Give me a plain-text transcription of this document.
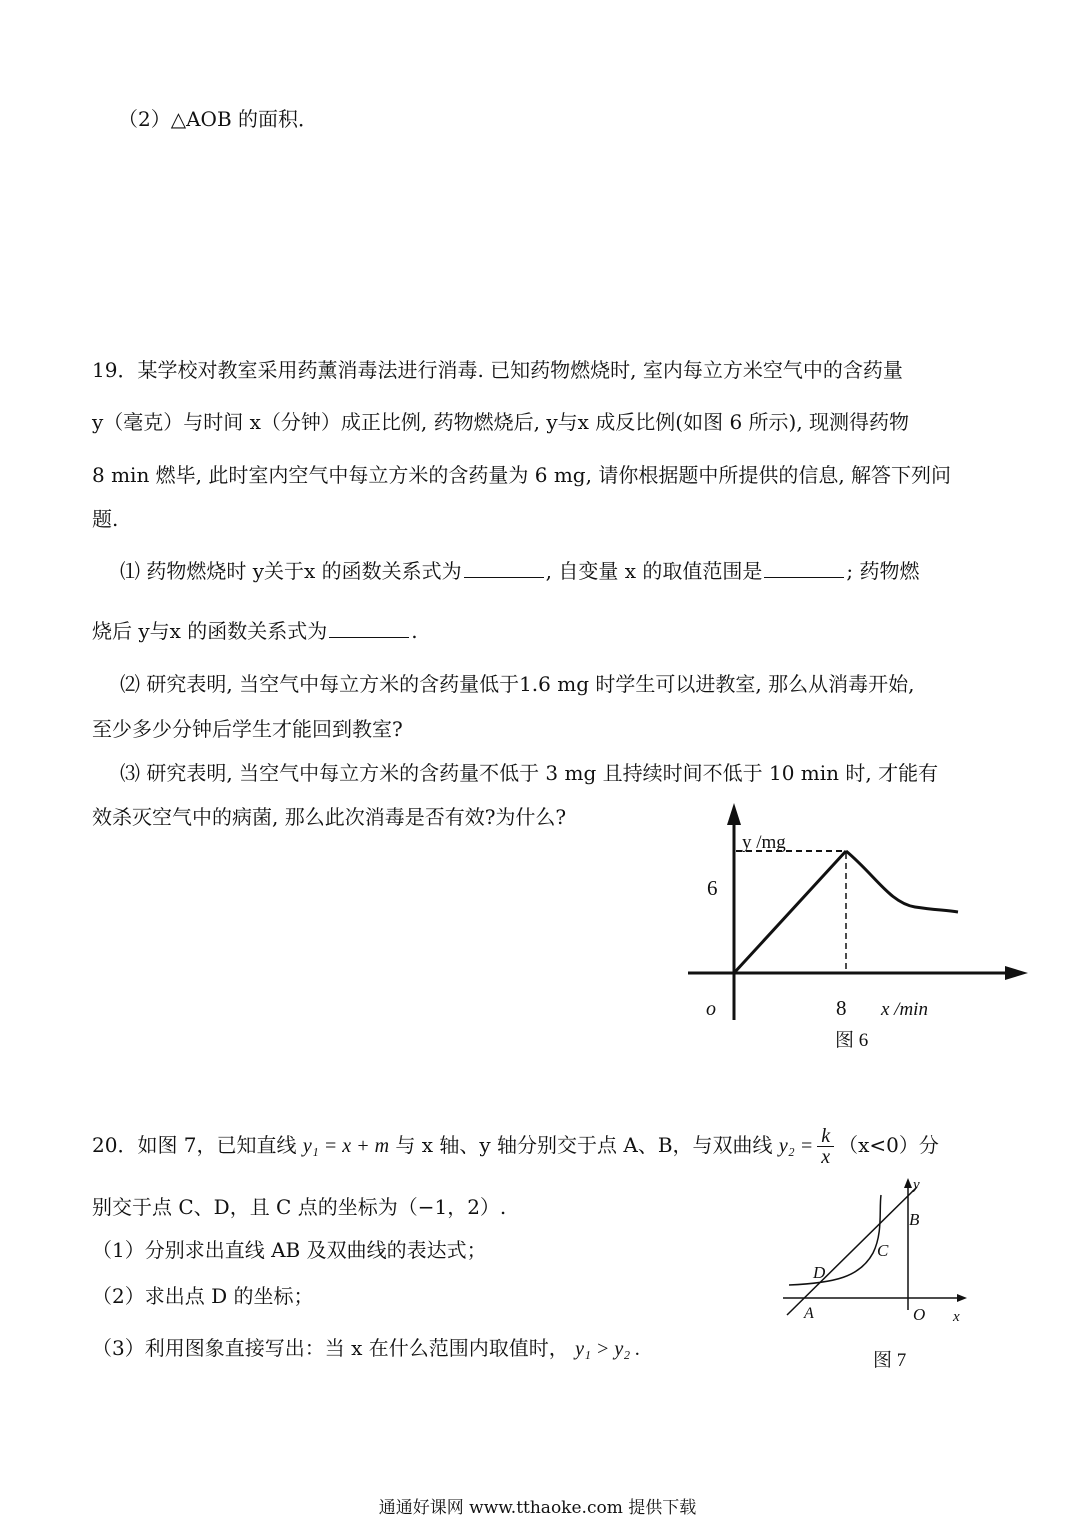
（2）△AOB 的面积．
19．某学校对教室采用药薰消毒法进行消毒. 已知药物燃烧时, 室内每立方米空气中的含药量
y（毫克）与时间 x（分钟）成正比例, 药物燃烧后, y与x 成反比例(如图 6 所示), 现测得药物
8 min 燃毕, 此时室内空气中每立方米的含药量为 6 mg, 请你根据题中所提供的信息, 解答下列问
题.
⑴ 药物燃烧时 y关于x 的函数关系式为	, 自变量 x 的取值范围是	; 药物燃
烧后 y与x 的函数关系式为	.
⑵ 研究表明, 当空气中每立方米的含药量低于1.6 mg 时学生可以进教室, 那么从消毒开始,
至少多少分钟后学生才能回到教室?
⑶ 研究表明, 当空气中每立方米的含药量不低于 3 mg 且持续时间不低于 10 min 时, 才能有
效杀灭空气中的病菌, 那么此次消毒是否有效?为什么?
y /mg
6
8 x /min
o
图 6
20．如图 7，已知直线 y₁ = x + m 与 x 轴、y 轴分别交于点 A、B，与双曲线 $y_2 = \frac{k}{x} (x<0)$分
别交于点 C、D，且 C 点的坐标为（−1，2）.
（1）分别求出直线 AB 及双曲线的表达式；
（2）求出点 D 的坐标；
（3）利用图象直接写出：当 x 在什么范围内取值时， y₁ > y₂ .
y
B
C
D
A	O x
图 7
通通好课网 www.tthaoke.com 提供下载
